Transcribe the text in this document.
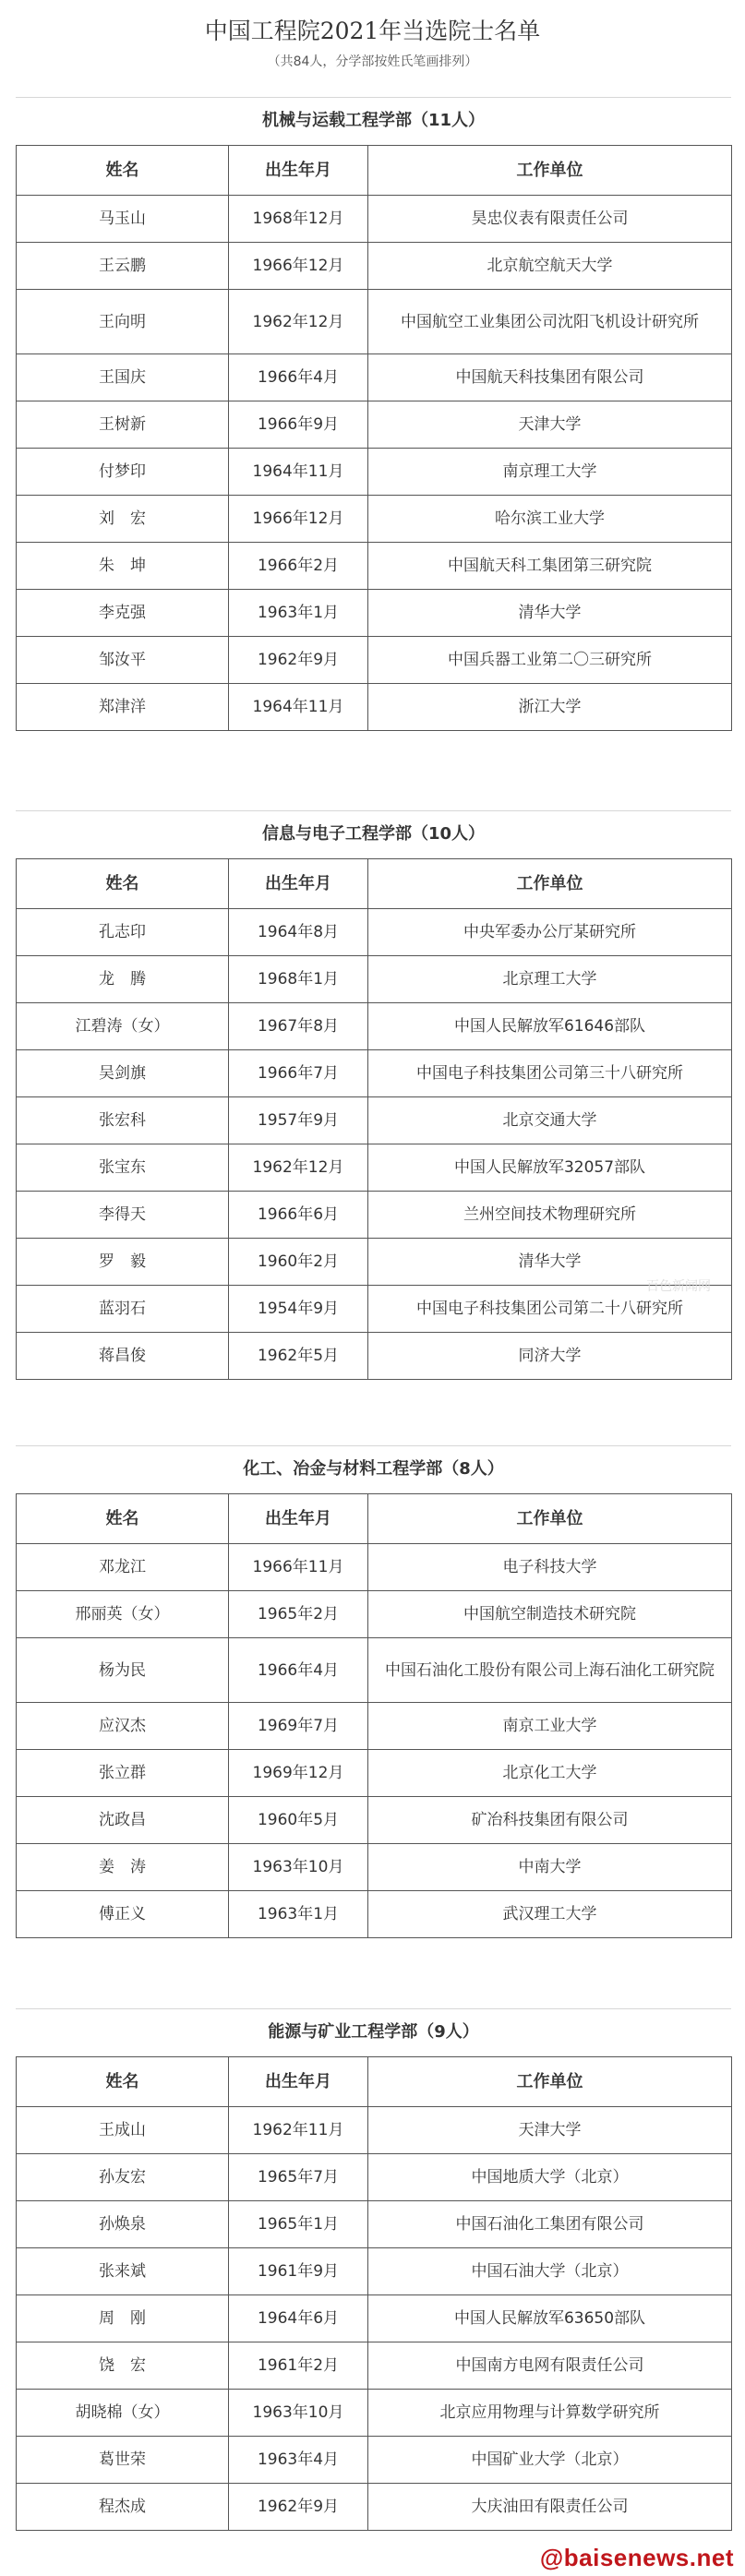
中国工程院2021年当选院士名单
（共84人，分学部按姓氏笔画排列）
机械与运载工程学部（11人）
姓名	出生年月	工作单位
马玉山	1968年12月	昊忠仪表有限责任公司
王云鹏	1966年12月	北京航空航天大学
王向明	1962年12月	中国航空工业集团公司沈阳飞机设计研究所
王国庆	1966年4月	中国航天科技集团有限公司
王树新	1966年9月	天津大学
付梦印	1964年11月	南京理工大学
刘　宏	1966年12月	哈尔滨工业大学
朱　坤	1966年2月	中国航天科工集团第三研究院
李克强	1963年1月	清华大学
邹汝平	1962年9月	中国兵器工业第二〇三研究所
郑津洋	1964年11月	浙江大学
信息与电子工程学部（10人）
姓名	出生年月	工作单位
孔志印	1964年8月	中央军委办公厅某研究所
龙　腾	1968年1月	北京理工大学
江碧涛（女）	1967年8月	中国人民解放军61646部队
吴剑旗	1966年7月	中国电子科技集团公司第三十八研究所
张宏科	1957年9月	北京交通大学
张宝东	1962年12月	中国人民解放军32057部队
李得天	1966年6月	兰州空间技术物理研究所
罗　毅	1960年2月	清华大学
蓝羽石	1954年9月	中国电子科技集团公司第二十八研究所
蒋昌俊	1962年5月	同济大学
化工、冶金与材料工程学部（8人）
姓名	出生年月	工作单位
邓龙江	1966年11月	电子科技大学
邢丽英（女）	1965年2月	中国航空制造技术研究院
杨为民	1966年4月	中国石油化工股份有限公司上海石油化工研究院
应汉杰	1969年7月	南京工业大学
张立群	1969年12月	北京化工大学
沈政昌	1960年5月	矿冶科技集团有限公司
姜　涛	1963年10月	中南大学
傅正义	1963年1月	武汉理工大学
能源与矿业工程学部（9人）
姓名	出生年月	工作单位
王成山	1962年11月	天津大学
孙友宏	1965年7月	中国地质大学（北京）
孙焕泉	1965年1月	中国石油化工集团有限公司
张来斌	1961年9月	中国石油大学（北京）
周　刚	1964年6月	中国人民解放军63650部队
饶　宏	1961年2月	中国南方电网有限责任公司
胡晓棉（女）	1963年10月	北京应用物理与计算数学研究所
葛世荣	1963年4月	中国矿业大学（北京）
程杰成	1962年9月	大庆油田有限责任公司
百色新闻网
@baisenews.net
